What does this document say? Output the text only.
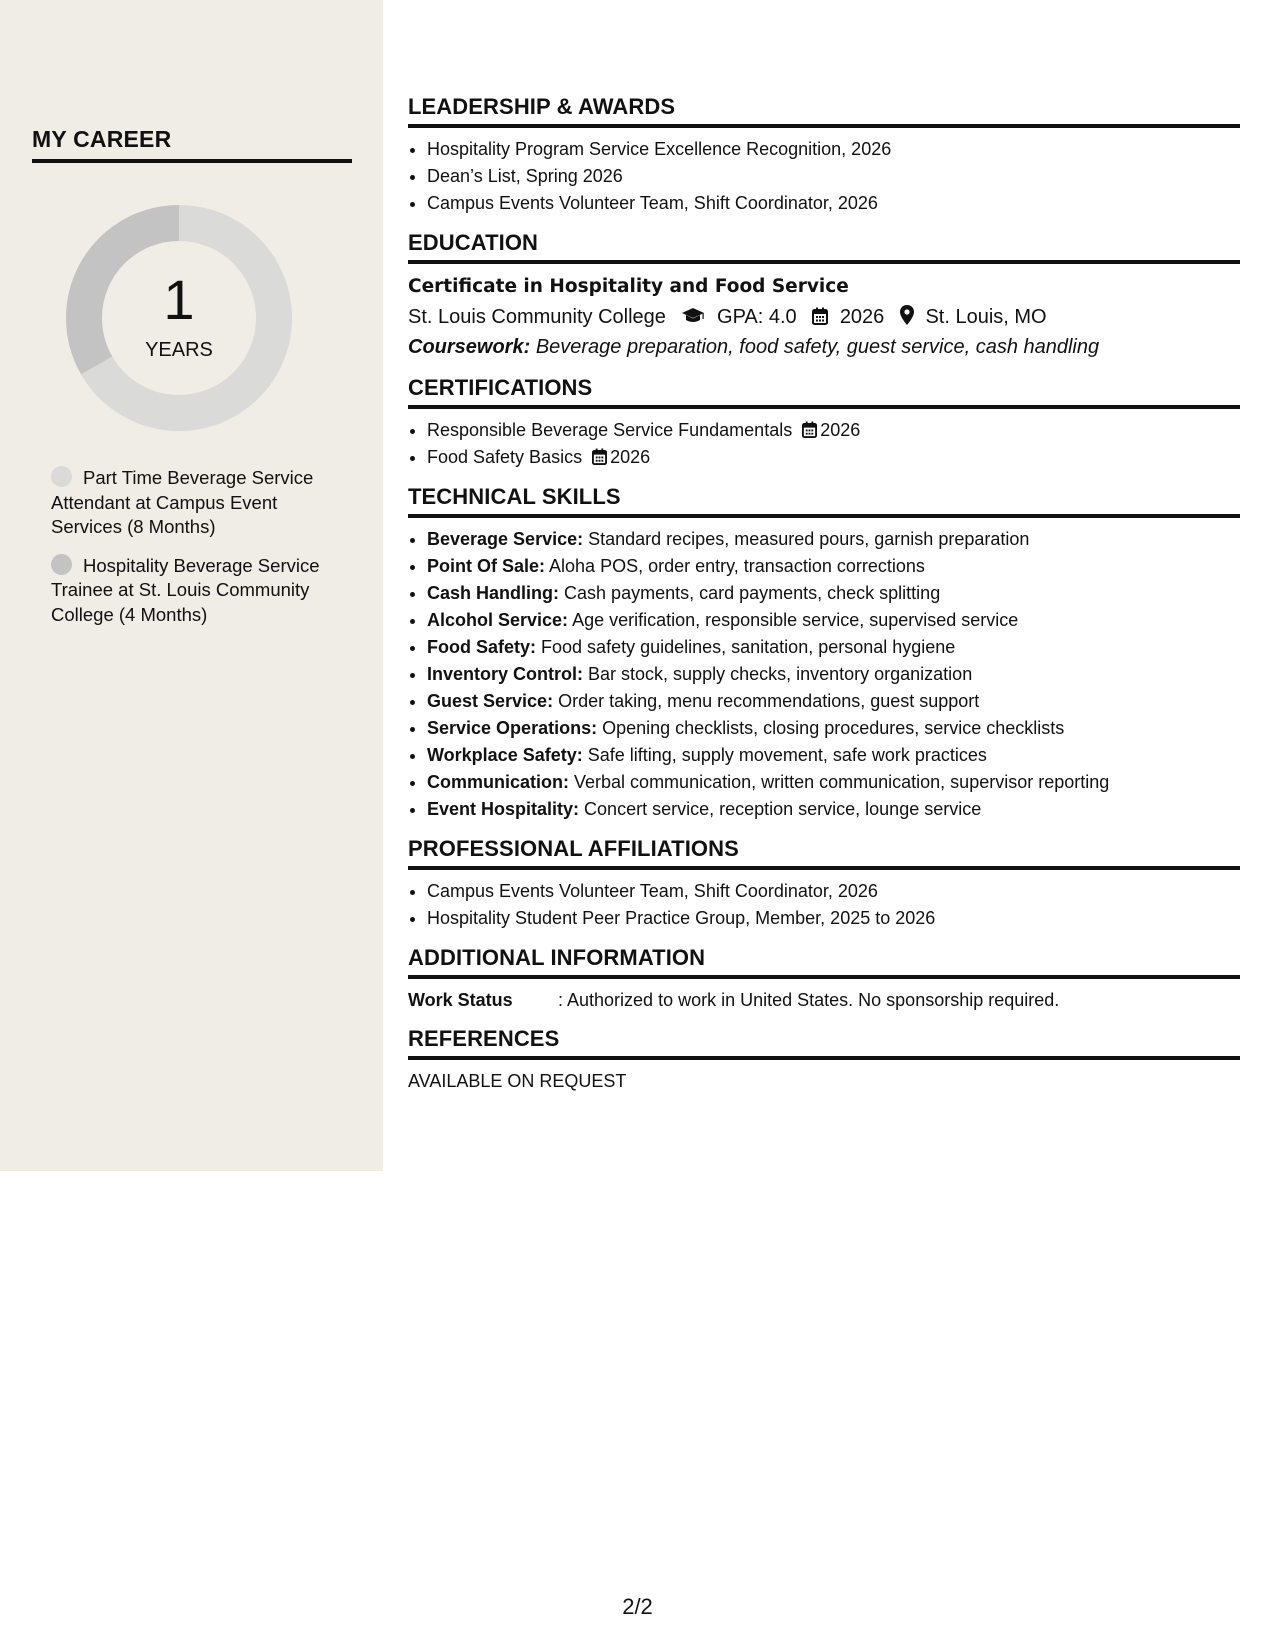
MY CAREER
1
YEARS
Part Time Beverage Service Attendant at Campus Event Services (8 Months)
Hospitality Beverage Service Trainee at St. Louis Community College (4 Months)
LEADERSHIP & AWARDS
• Hospitality Program Service Excellence Recognition, 2026
• Dean’s List, Spring 2026
• Campus Events Volunteer Team, Shift Coordinator, 2026
EDUCATION
Certificate in Hospitality and Food Service
St. Louis Community College	GPA: 4.0 2026 St. Louis, MO
Coursework: Beverage preparation, food safety, guest service, cash handling
CERTIFICATIONS
• Responsible Beverage Service Fundamentals 2026
• Food Safety Basics 2026
TECHNICAL SKILLS
• Beverage Service: Standard recipes, measured pours, garnish preparation
• Point Of Sale: Aloha POS, order entry, transaction corrections
• Cash Handling: Cash payments, card payments, check splitting
• Alcohol Service: Age verification, responsible service, supervised service
• Food Safety: Food safety guidelines, sanitation, personal hygiene
• Inventory Control: Bar stock, supply checks, inventory organization
• Guest Service: Order taking, menu recommendations, guest support
• Service Operations: Opening checklists, closing procedures, service checklists
• Workplace Safety: Safe lifting, supply movement, safe work practices
• Communication: Verbal communication, written communication, supervisor reporting
• Event Hospitality: Concert service, reception service, lounge service
PROFESSIONAL AFFILIATIONS
• Campus Events Volunteer Team, Shift Coordinator, 2026
• Hospitality Student Peer Practice Group, Member, 2025 to 2026
ADDITIONAL INFORMATION
Work Status	: Authorized to work in United States. No sponsorship required.
REFERENCES
AVAILABLE ON REQUEST
2/2
